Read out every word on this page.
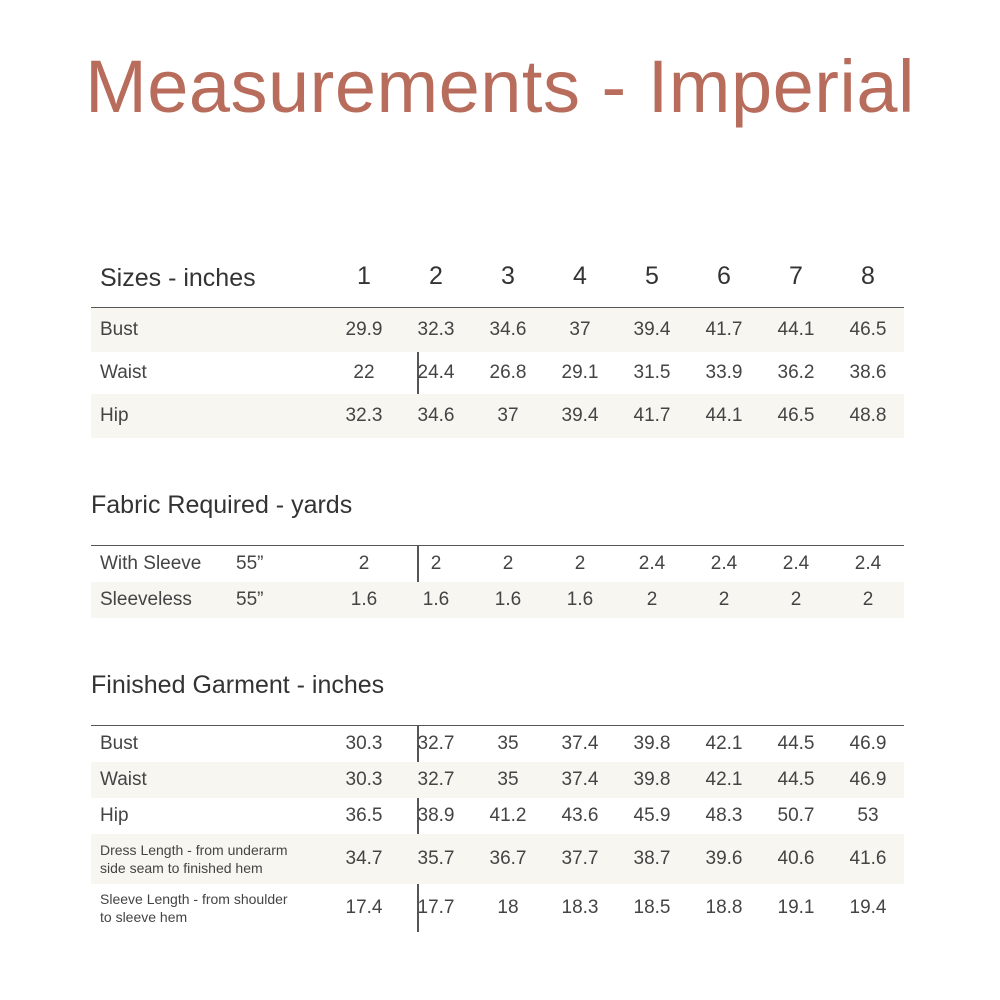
Measurements - Imperial
Sizes - inches	1	2	3	4	5	6	7	8
Bust	29.9	32.3	34.6	37	39.4	41.7	44.1	46.5
Waist	22	24.4	26.8	29.1	31.5	33.9	36.2	38.6
Hip	32.3	34.6	37	39.4	41.7	44.1	46.5	48.8
Fabric Required - yards
With Sleeve 55”	2	2	2	2	2.4	2.4	2.4	2.4
Sleeveless 55”	1.6	1.6	1.6	1.6	2	2	2	2
Finished Garment - inches
Bust	30.3	32.7	35	37.4	39.8	42.1	44.5	46.9
Waist	30.3	32.7	35	37.4	39.8	42.1	44.5	46.9
Hip	36.5	38.9	41.2	43.6	45.9	48.3	50.7	53
Dress Length - from underarm
side seam to finished hem	34.7	35.7	36.7	37.7	38.7	39.6	40.6	41.6
Sleeve Length - from shoulder
to sleeve hem	17.4	17.7	18	18.3	18.5	18.8	19.1	19.4
